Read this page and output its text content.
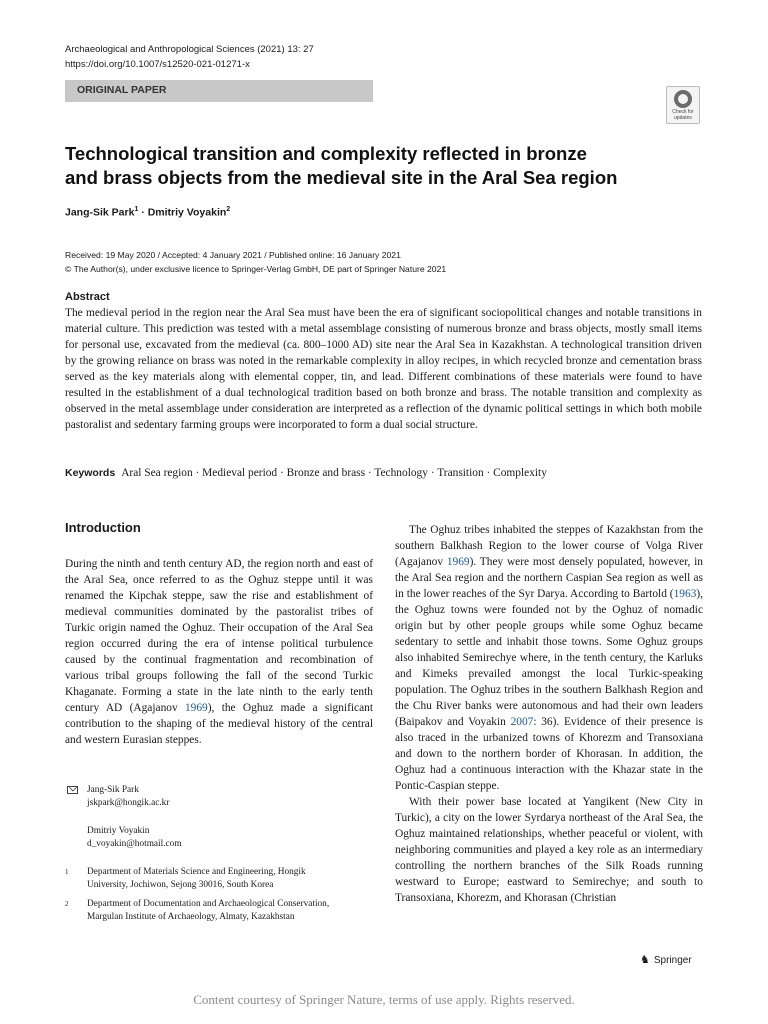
Archaeological and Anthropological Sciences (2021) 13: 27
https://doi.org/10.1007/s12520-021-01271-x
ORIGINAL PAPER
Check for updates
Technological transition and complexity reflected in bronze
and brass objects from the medieval site in the Aral Sea region
Jang-Sik Park$^1$ · Dmitriy Voyakin$^2$
Received: 19 May 2020 / Accepted: 4 January 2021 / Published online: 16 January 2021
© The Author(s), under exclusive licence to Springer-Verlag GmbH, DE part of Springer Nature 2021
Abstract
The medieval period in the region near the Aral Sea must have been the era of significant sociopolitical changes and notable transitions in material culture. This prediction was tested with a metal assemblage consisting of numerous bronze and brass objects, mostly small items for personal use, excavated from the medieval (ca. 800–1000 AD) site near the Aral Sea in Kazakhstan. A technological transition driven by the growing reliance on brass was noted in the remarkable complexity in alloy recipes, in which recycled bronze and cementation brass served as the key materials along with elemental copper, tin, and lead. Different combinations of these materials were found to have resulted in the establishment of a dual technological tradition based on both bronze and brass. The notable transition and complexity as observed in the metal assemblage under consideration are interpreted as a reflection of the dynamic political settings in which both mobile pastoralist and sedentary farming groups were incorporated to form a dual social structure.
Keywords Aral Sea region · Medieval period · Bronze and brass · Technology · Transition · Complexity
Introduction

During the ninth and tenth century AD, the region north and east of the Aral Sea, once referred to as the Oghuz steppe until it was renamed the Kipchak steppe, saw the rise and establishment of medieval communities dominated by the pastoralist tribes of Turkic origin named the Oghuz. Their occupation of the Aral Sea region occurred during the era of intense political turbulence caused by the continual fragmentation and recombination of various tribal groups following the fall of the second Turkic Khaganate. Forming a state in the late ninth to the early tenth century AD (Agajanov 1969), the Oghuz made a significant contribution to the shaping of the medieval history of the central and western Eurasian steppes.

The Oghuz tribes inhabited the steppes of Kazakhstan from the southern Balkhash Region to the lower course of Volga River (Agajanov 1969). They were most densely populated, however, in the Aral Sea region and the northern Caspian Sea region as well as in the lower reaches of the Syr Darya. According to Bartold (1963), the Oghuz towns were founded not by the Oghuz of nomadic origin but by other people groups while some Oghuz became sedentary to settle and inhabit those towns. Some Oghuz groups also inhabited Semirechye where, in the tenth century, the Karluks and Kimeks prevailed amongst the local Turkic-speaking population. The Oghuz tribes in the southern Balkhash Region and the Chu River banks were autonomous and had their own leaders (Baipakov and Voyakin 2007: 36). Evidence of their presence is also traced in the urbanized towns of Khorezm and Transoxiana and down to the northern border of Khorasan. In addition, the Oghuz had a continuous interaction with the Khazar state in the Pontic-Caspian steppe.

With their power base located at Yangikent (New City in Turkic), a city on the lower Syrdarya northeast of the Aral Sea, the Oghuz maintained relationships, whether peaceful or violent, with neighboring communities and played a key role as an intermediary controlling the northern branches of the Silk Roads running westward to Europe; eastward to Semirechye; and south to Transoxiana, Khorezm, and Khorasan (Christian

Jang-Sik Park
jskpark@hongik.ac.kr
Dmitriy Voyakin
d_voyakin@hotmail.com
1 Department of Materials Science and Engineering, Hongik
University, Jochiwon, Sejong 30016, South Korea
2 Department of Documentation and Archaeological Conservation,
Margulan Institute of Archaeology, Almaty, Kazakhstan
♞ Springer
Content courtesy of Springer Nature, terms of use apply. Rights reserved.
